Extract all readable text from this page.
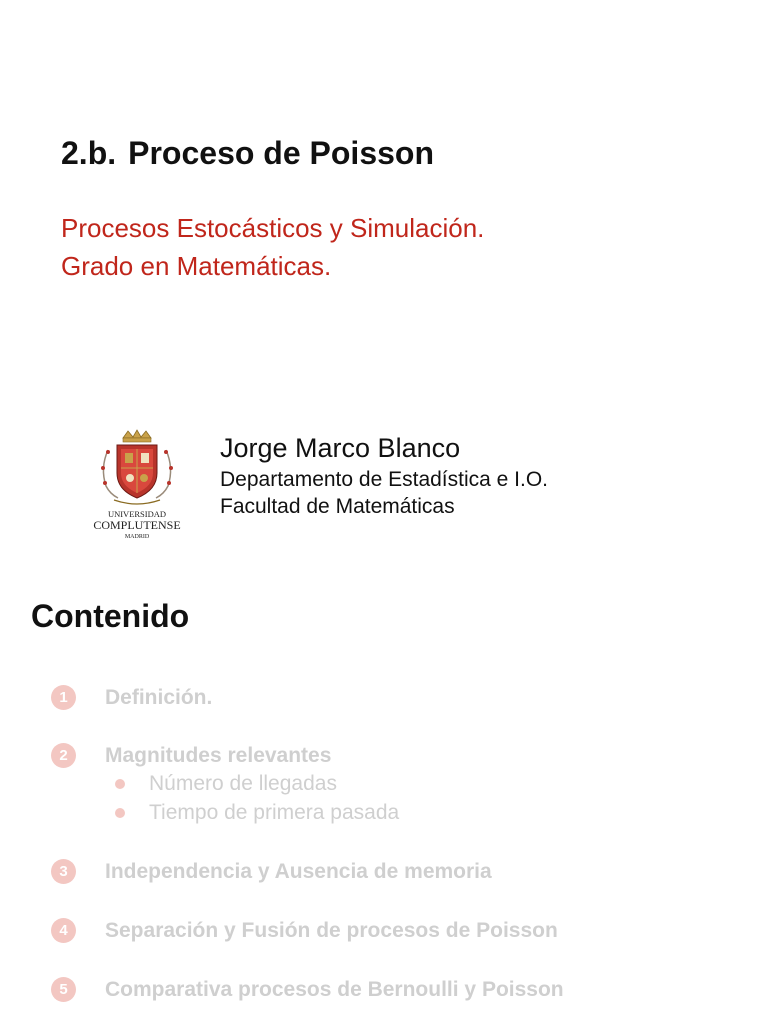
2.b. Proceso de Poisson
Procesos Estocásticos y Simulación.
Grado en Matemáticas.
UNIVERSIDAD
COMPLUTENSE
MADRID
Jorge Marco Blanco
Departamento de Estadística e I.O.
Facultad de Matemáticas
Contenido
1	Definición.
2	Magnitudes relevantes
Número de llegadas
Tiempo de primera pasada
3	Independencia y Ausencia de memoria
4	Separación y Fusión de procesos de Poisson
5	Comparativa procesos de Bernoulli y Poisson
